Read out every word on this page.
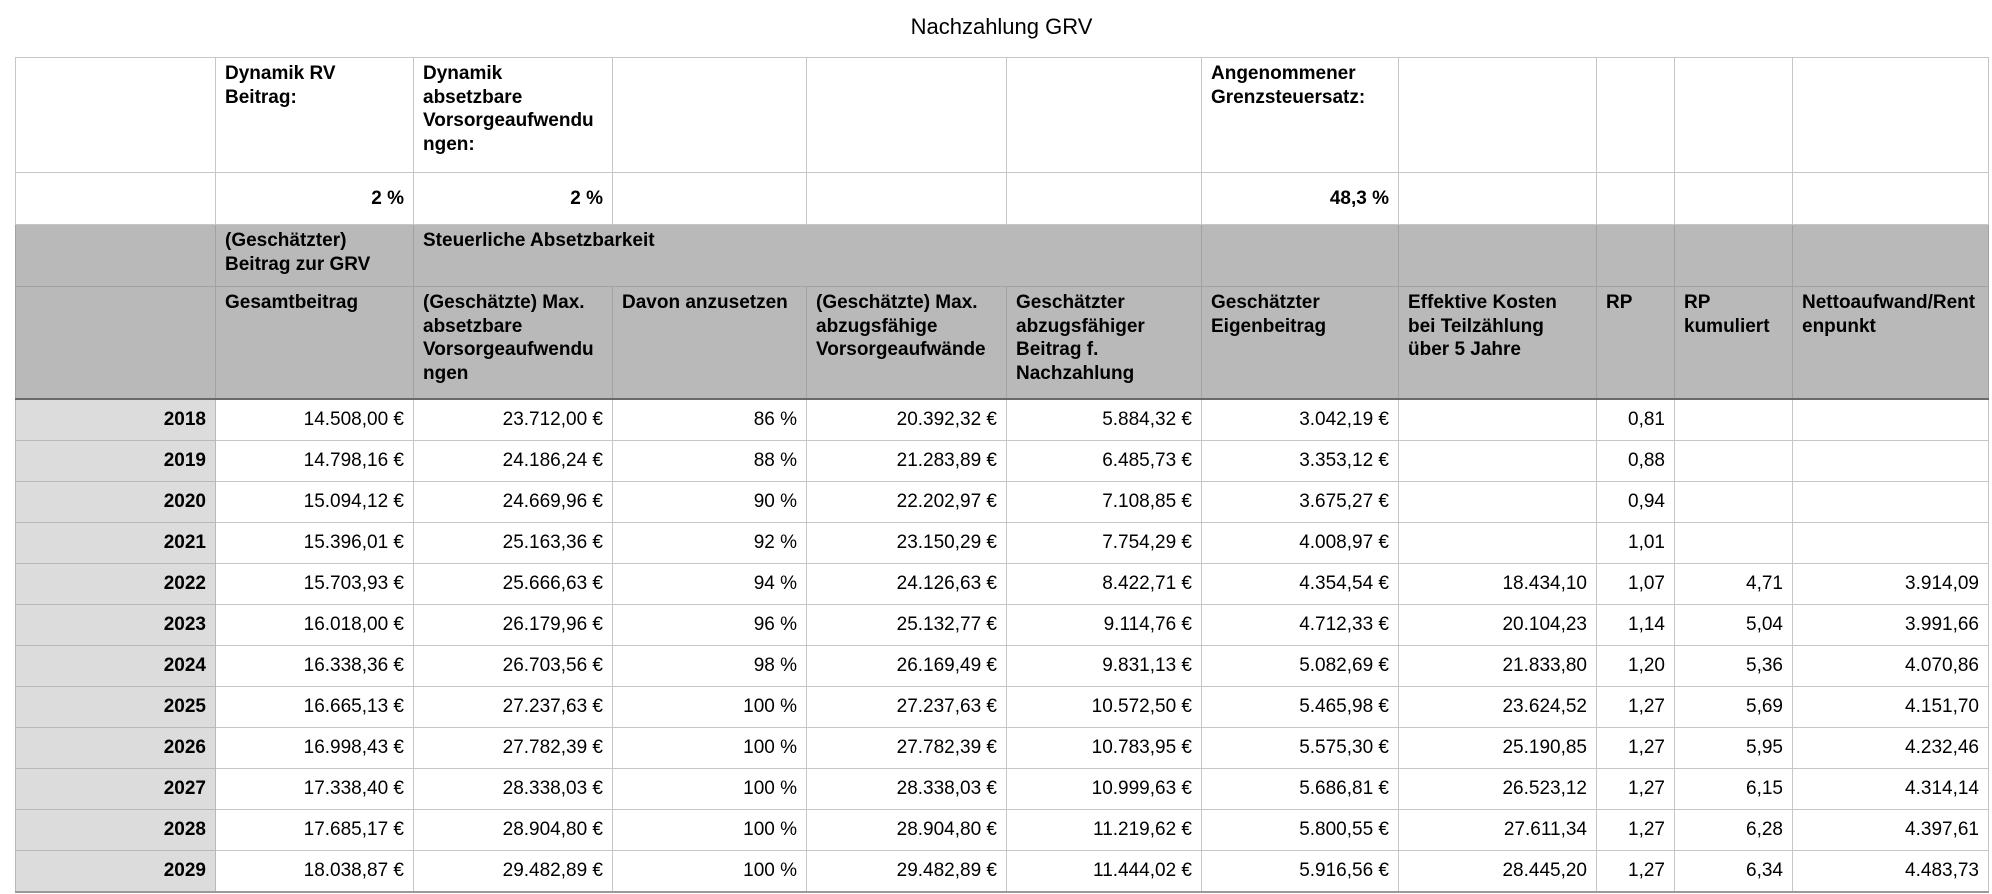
Nachzahlung GRV
	Dynamik RV Beitrag:	Dynamik absetzbare Vorsorgeaufwendungen:				Angenommener Grenzsteuersatz:				
	2 %	2 %				48,3 %				
	(Geschätzter) Beitrag zur GRV	Steuerliche Absetzbarkeit								
	Gesamtbeitrag	(Geschätzte) Max. absetzbare Vorsorgeaufwendungen	Davon anzusetzen	(Geschätzte) Max. abzugsfähige Vorsorgeaufwände	Geschätzter abzugsfähiger Beitrag f. Nachzahlung	Geschätzter Eigenbeitrag	Effektive Kosten bei Teilzählung über 5 Jahre	RP	RP kumuliert	Nettoaufwand/Rentenpunkt
2018	14.508,00 €	23.712,00 €	86 %	20.392,32 €	5.884,32 €	3.042,19 €		0,81		
2019	14.798,16 €	24.186,24 €	88 %	21.283,89 €	6.485,73 €	3.353,12 €		0,88		
2020	15.094,12 €	24.669,96 €	90 %	22.202,97 €	7.108,85 €	3.675,27 €		0,94		
2021	15.396,01 €	25.163,36 €	92 %	23.150,29 €	7.754,29 €	4.008,97 €		1,01		
2022	15.703,93 €	25.666,63 €	94 %	24.126,63 €	8.422,71 €	4.354,54 €	18.434,10	1,07	4,71	3.914,09
2023	16.018,00 €	26.179,96 €	96 %	25.132,77 €	9.114,76 €	4.712,33 €	20.104,23	1,14	5,04	3.991,66
2024	16.338,36 €	26.703,56 €	98 %	26.169,49 €	9.831,13 €	5.082,69 €	21.833,80	1,20	5,36	4.070,86
2025	16.665,13 €	27.237,63 €	100 %	27.237,63 €	10.572,50 €	5.465,98 €	23.624,52	1,27	5,69	4.151,70
2026	16.998,43 €	27.782,39 €	100 %	27.782,39 €	10.783,95 €	5.575,30 €	25.190,85	1,27	5,95	4.232,46
2027	17.338,40 €	28.338,03 €	100 %	28.338,03 €	10.999,63 €	5.686,81 €	26.523,12	1,27	6,15	4.314,14
2028	17.685,17 €	28.904,80 €	100 %	28.904,80 €	11.219,62 €	5.800,55 €	27.611,34	1,27	6,28	4.397,61
2029	18.038,87 €	29.482,89 €	100 %	29.482,89 €	11.444,02 €	5.916,56 €	28.445,20	1,27	6,34	4.483,73
